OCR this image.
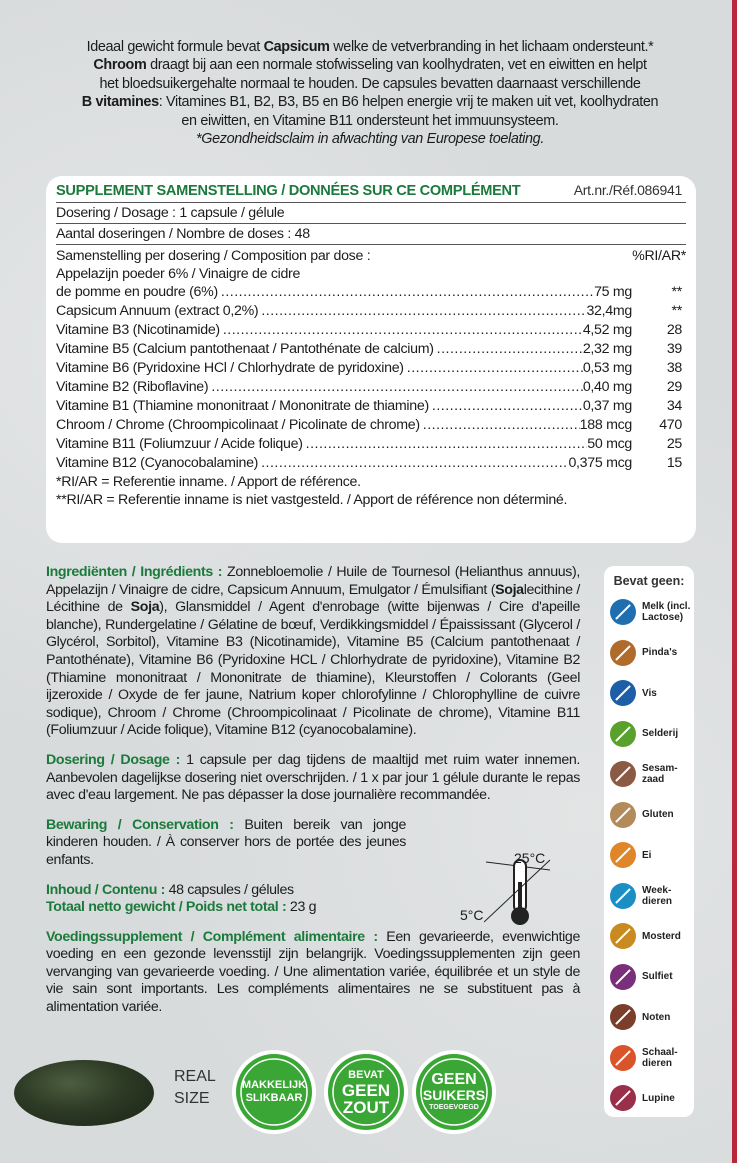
Ideaal gewicht formule bevat Capsicum welke de vetverbranding in het lichaam ondersteunt.*
Chroom draagt bij aan een normale stofwisseling van koolhydraten, vet en eiwitten en helpt
het bloedsuikergehalte normaal te houden. De capsules bevatten daarnaast verschillende
B vitamines: Vitamines B1, B2, B3, B5 en B6 helpen energie vrij te maken uit vet, koolhydraten
en eiwitten, en Vitamine B11 ondersteunt het immuunsysteem.
*Gezondheidsclaim in afwachting van Europese toelating.
SUPPLEMENT SAMENSTELLING / DONNÉES SUR CE COMPLÉMENT	Art.nr./Réf.086941
Dosering / Dosage : 1 capsule / gélule
Aantal doseringen / Nombre de doses : 48
Samenstelling per dosering / Composition par dose :	%RI/AR*
Appelazijn poeder 6% / Vinaigre de cidre
de pomme en poudre (6%) .....	75 mg	**
Capsicum Annuum (extract 0,2%) .....	32,4mg	**
Vitamine B3 (Nicotinamide) .....	4,52 mg	28
Vitamine B5 (Calcium pantothenaat / Pantothénate de calcium) .....	2,32 mg	39
Vitamine B6 (Pyridoxine HCl / Chlorhydrate de pyridoxine) .....	0,53 mg	38
Vitamine B2 (Riboflavine) .....	0,40 mg	29
Vitamine B1 (Thiamine mononitraat / Mononitrate de thiamine) .....	0,37 mg	34
Chroom / Chrome (Chroompicolinaat / Picolinate de chrome) .....	188 mcg	470
Vitamine B11 (Foliumzuur / Acide folique) .....	50 mcg	25
Vitamine B12 (Cyanocobalamine) .....	0,375 mcg	15
*RI/AR = Referentie inname. / Apport de référence.
**RI/AR = Referentie inname is niet vastgesteld. / Apport de référence non déterminé.
Ingrediënten / Ingrédients : Zonnebloemolie / Huile de Tournesol (Helianthus annuus), Appelazijn / Vinaigre de cidre, Capsicum Annuum, Emulgator / Émulsifiant (Sojalecithine / Lécithine de Soja), Glansmiddel / Agent d'enrobage (witte bijenwas / Cire d'apeille blanche), Rundergelatine / Gélatine de bœuf, Verdikkingsmiddel / Épaississant (Glycerol / Glycérol, Sorbitol), Vitamine B3 (Nicotinamide), Vitamine B5 (Calcium pantothenaat / Pantothénate), Vitamine B6 (Pyridoxine HCL / Chlorhydrate de pyridoxine), Vitamine B2 (Thiamine mononitraat / Mononitrate de thiamine), Kleurstoffen / Colorants (Geel ijzeroxide / Oxyde de fer jaune, Natrium koper chlorofylinne / Chlorophylline de cuivre sodique), Chroom / Chrome (Chroompicolinaat / Picolinate de chrome), Vitamine B11 (Foliumzuur / Acide folique), Vitamine B12 (cyanocobalamine).
Dosering / Dosage : 1 capsule per dag tijdens de maaltijd met ruim water innemen. Aanbevolen dagelijkse dosering niet overschrijden. / 1 x par jour 1 gélule durante le repas avec d'eau largement. Ne pas dépasser la dose journalière recommandée.
Bewaring / Conservation : Buiten bereik van jonge kinderen houden. / À conserver hors de portée des jeunes enfants.
Inhoud / Contenu : 48 capsules / gélules
Totaal netto gewicht / Poids net total : 23 g
Voedingssupplement / Complément alimentaire : Een gevarieerde, evenwichtige voeding en een gezonde levensstijl zijn belangrijk. Voedingssupplementen zijn geen vervanging van gevarieerde voeding. / Une alimentation variée, équilibrée et un style de vie sain sont importants. Les compléments alimentaires ne se substituent pas à alimentation variée.
25°C
5°C
Bevat geen:
Melk (incl. Lactose)
Pinda's
Vis
Selderij
Sesam-zaad
Gluten
Ei
Week-dieren
Mosterd
Sulfiet
Noten
Schaal-dieren
Lupine
REAL
SIZE
MAKKELIJK
SLIKBAAR
BEVAT
GEEN
ZOUT
GEEN
SUIKERS
TOEGEVOEGD
